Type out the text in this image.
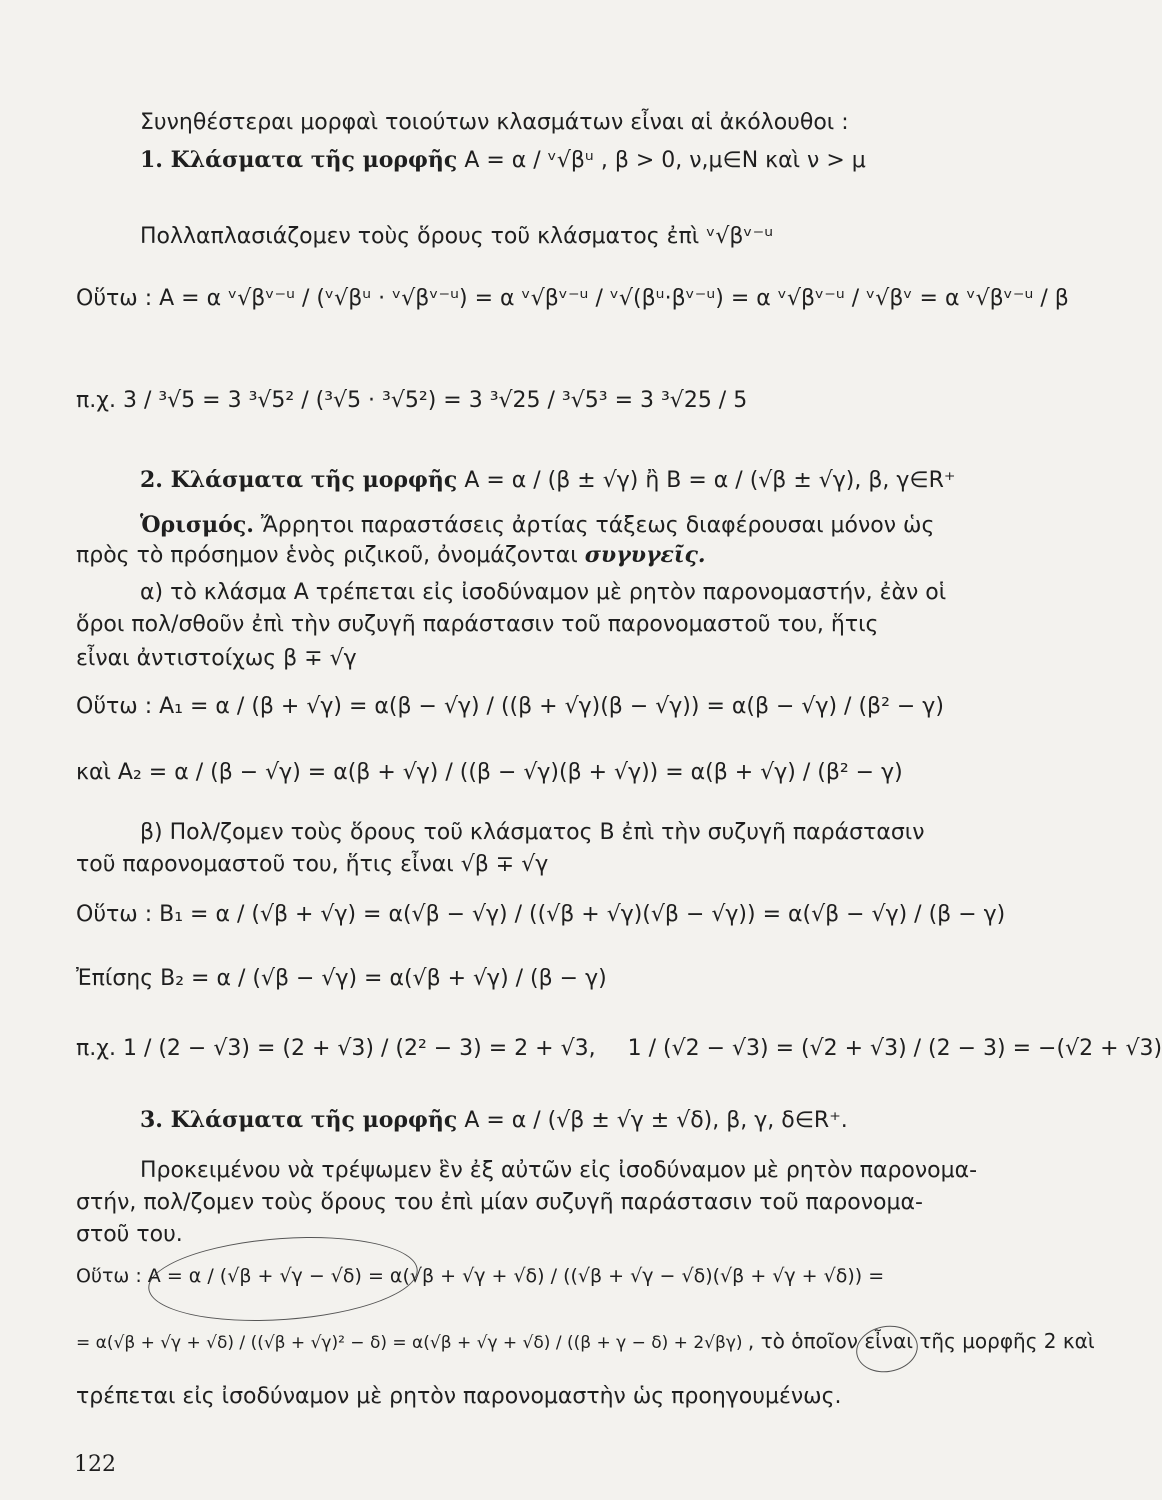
Συνηθέστεραι μορφαὶ τοιούτων κλασμάτων εἶναι αἱ ἀκόλουθοι :
1. Κλάσματα τῆς μορφῆς A = α / ᵛ√βᵘ , β > 0, ν,μ∈N καὶ ν > μ
Πολλαπλασιάζομεν τοὺς ὅρους τοῦ κλάσματος ἐπὶ ᵛ√βᵛ⁻ᵘ
Οὕτω : A = α ᵛ√βᵛ⁻ᵘ / (ᵛ√βᵘ · ᵛ√βᵛ⁻ᵘ) = α ᵛ√βᵛ⁻ᵘ / ᵛ√(βᵘ·βᵛ⁻ᵘ) = α ᵛ√βᵛ⁻ᵘ / ᵛ√βᵛ = α ᵛ√βᵛ⁻ᵘ / β
π.χ. 3 / ³√5 = 3 ³√5² / (³√5 · ³√5²) = 3 ³√25 / ³√5³ = 3 ³√25 / 5
2. Κλάσματα τῆς μορφῆς A = α / (β ± √γ) ἢ B = α / (√β ± √γ), β, γ∈R⁺
Ὁρισμός. Ἄρρητοι παραστάσεις ἀρτίας τάξεως διαφέρουσαι μόνον ὡς
πρὸς τὸ πρόσημον ἑνὸς ριζικοῦ, ὀνομάζονται συγυγεῖς.
α) τὸ κλάσμα A τρέπεται εἰς ἰσοδύναμον μὲ ρητὸν παρονομαστήν, ἐὰν οἱ
ὅροι πολ/σθοῦν ἐπὶ τὴν συζυγῆ παράστασιν τοῦ παρονομαστοῦ του, ἥτις
εἶναι ἀντιστοίχως β ∓ √γ
Οὕτω : A₁ = α / (β + √γ) = α(β − √γ) / ((β + √γ)(β − √γ)) = α(β − √γ) / (β² − γ)
καὶ A₂ = α / (β − √γ) = α(β + √γ) / ((β − √γ)(β + √γ)) = α(β + √γ) / (β² − γ)
β) Πολ/ζομεν τοὺς ὅρους τοῦ κλάσματος B ἐπὶ τὴν συζυγῆ παράστασιν
τοῦ παρονομαστοῦ του, ἥτις εἶναι √β ∓ √γ
Οὕτω : B₁ = α / (√β + √γ) = α(√β − √γ) / ((√β + √γ)(√β − √γ)) = α(√β − √γ) / (β − γ)
Ἐπίσης B₂ = α / (√β − √γ) = α(√β + √γ) / (β − γ)
π.χ. 1 / (2 − √3) = (2 + √3) / (2² − 3) = 2 + √3, 1 / (√2 − √3) = (√2 + √3) / (2 − 3) = −(√2 + √3)
3. Κλάσματα τῆς μορφῆς A = α / (√β ± √γ ± √δ), β, γ, δ∈R⁺.
Προκειμένου νὰ τρέψωμεν ἓν ἐξ αὐτῶν εἰς ἰσοδύναμον μὲ ρητὸν παρονομα-
στήν, πολ/ζομεν τοὺς ὅρους του ἐπὶ μίαν συζυγῆ παράστασιν τοῦ παρονομα-
στοῦ του.
Οὕτω : A = α / (√β + √γ − √δ) = α(√β + √γ + √δ) / ((√β + √γ − √δ)(√β + √γ + √δ)) =
= α(√β + √γ + √δ) / ((√β + √γ)² − δ) = α(√β + √γ + √δ) / ((β + γ − δ) + 2√βγ) , τὸ ὁποῖον εἶναι τῆς μορφῆς 2 καὶ
τρέπεται εἰς ἰσοδύναμον μὲ ρητὸν παρονομαστὴν ὡς προηγουμένως.
122
